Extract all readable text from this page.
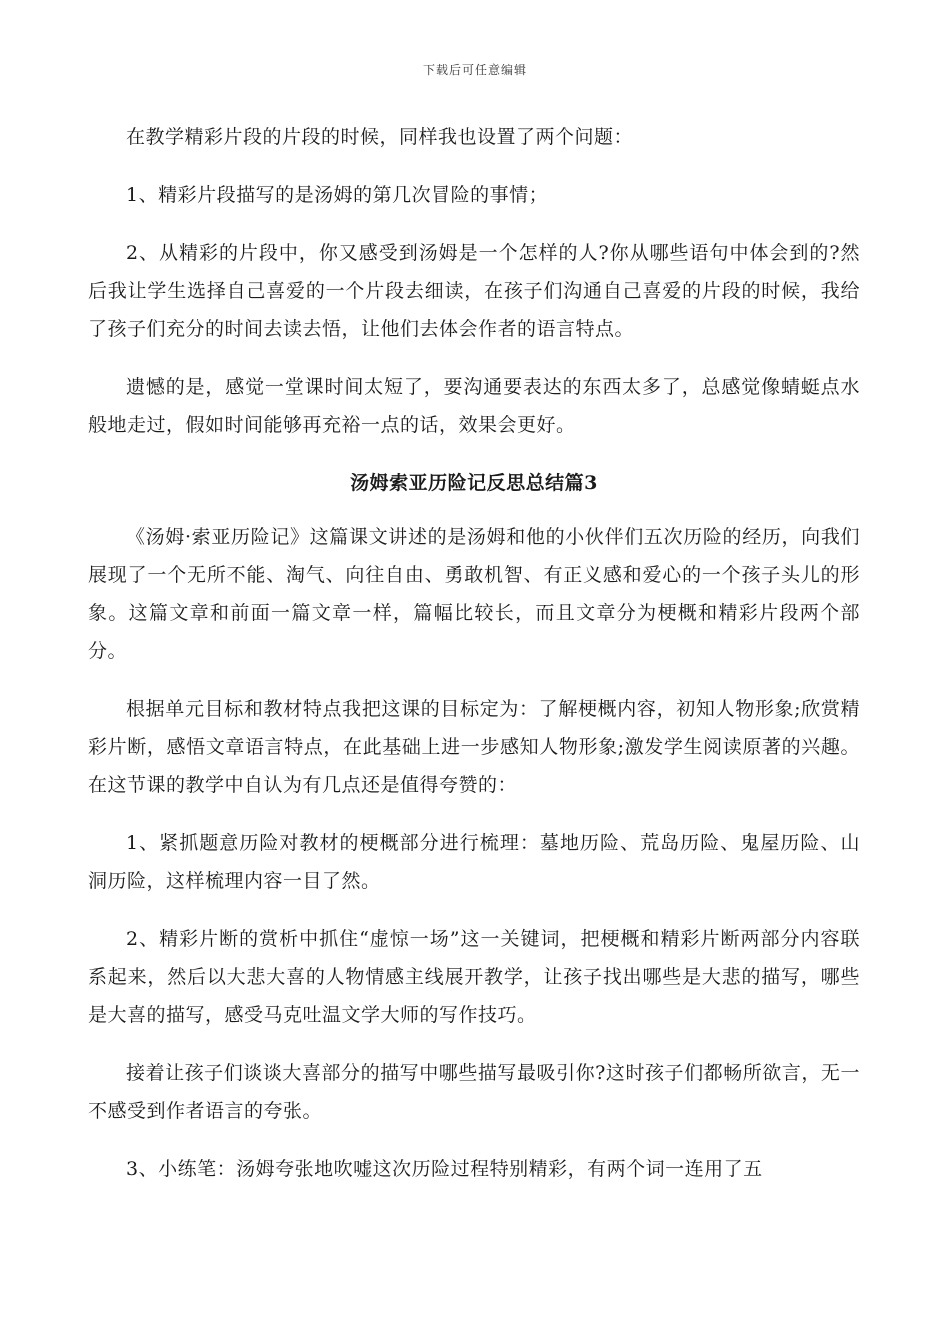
下载后可任意编辑

在教学精彩片段的片段的时候，同样我也设置了两个问题：

1、精彩片段描写的是汤姆的第几次冒险的事情；

2、从精彩的片段中，你又感受到汤姆是一个怎样的人?你从哪些语句中体会到的?然后我让学生选择自己喜爱的一个片段去细读，在孩子们沟通自己喜爱的片段的时候，我给了孩子们充分的时间去读去悟，让他们去体会作者的语言特点。

遗憾的是，感觉一堂课时间太短了，要沟通要表达的东西太多了，总感觉像蜻蜓点水般地走过，假如时间能够再充裕一点的话，效果会更好。

汤姆索亚历险记反思总结篇3

《汤姆·索亚历险记》这篇课文讲述的是汤姆和他的小伙伴们五次历险的经历，向我们展现了一个无所不能、淘气、向往自由、勇敢机智、有正义感和爱心的一个孩子头儿的形象。这篇文章和前面一篇文章一样，篇幅比较长，而且文章分为梗概和精彩片段两个部分。

根据单元目标和教材特点我把这课的目标定为：了解梗概内容，初知人物形象;欣赏精彩片断，感悟文章语言特点，在此基础上进一步感知人物形象;激发学生阅读原著的兴趣。在这节课的教学中自认为有几点还是值得夸赞的：

1、紧抓题意历险对教材的梗概部分进行梳理：墓地历险、荒岛历险、鬼屋历险、山洞历险，这样梳理内容一目了然。

2、精彩片断的赏析中抓住“虚惊一场”这一关键词，把梗概和精彩片断两部分内容联系起来，然后以大悲大喜的人物情感主线展开教学，让孩子找出哪些是大悲的描写，哪些是大喜的描写，感受马克吐温文学大师的写作技巧。

接着让孩子们谈谈大喜部分的描写中哪些描写最吸引你?这时孩子们都畅所欲言，无一不感受到作者语言的夸张。

3、小练笔：汤姆夸张地吹嘘这次历险过程特别精彩，有两个词一连用了五
